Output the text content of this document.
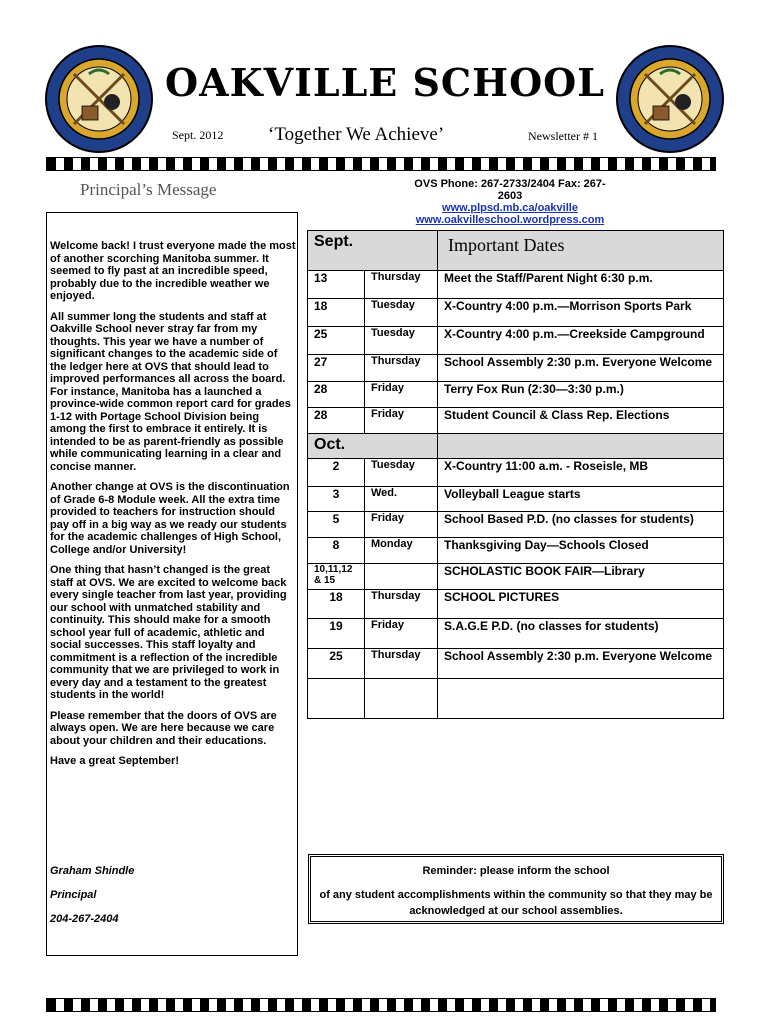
OAKVILLE SCHOOL
Sept. 2012 ‘Together We Achieve’	Newsletter # 1
Principal’s Message	OVS Phone: 267-2733/2404 Fax: 267-2603
www.plpsd.mb.ca/oakville
www.oakvilleschool.wordpress.com

Welcome back! I trust everyone made the most of another scorching Manitoba summer. It seemed to fly past at an incredible speed, probably due to the incredible weather we enjoyed.

All summer long the students and staff at Oakville School never stray far from my thoughts. This year we have a number of significant changes to the academic side of the ledger here at OVS that should lead to improved performances all across the board. For instance, Manitoba has a launched a province-wide common report card for grades 1-12 with Portage School Division being among the first to embrace it entirely. It is intended to be as parent-friendly as possible while communicating learning in a clear and concise manner.

Another change at OVS is the discontinuation of Grade 6-8 Module week. All the extra time provided to teachers for instruction should pay off in a big way as we ready our students for the academic challenges of High School, College and/or University!

One thing that hasn’t changed is the great staff at OVS. We are excited to welcome back every single teacher from last year, providing our school with unmatched stability and continuity. This should make for a smooth school year full of academic, athletic and social successes. This staff loyalty and commitment is a reflection of the incredible community that we are privileged to work in every day and a testament to the greatest students in the world!

Please remember that the doors of OVS are always open. We are here because we care about your children and their educations.

Have a great September!

Graham Shindle
Principal
204-267-2404
Sept.		Important Dates
13	Thursday	Meet the Staff/Parent Night 6:30 p.m.
18	Tuesday	X-Country 4:00 p.m.—Morrison Sports Park
25	Tuesday	X-Country 4:00 p.m.—Creekside Campground
27	Thursday	School Assembly 2:30 p.m. Everyone Welcome
28	Friday	Terry Fox Run (2:30—3:30 p.m.)
28	Friday	Student Council & Class Rep. Elections
Oct.		
2	Tuesday	X-Country 11:00 a.m. - Roseisle, MB
3	Wed.	Volleyball League starts
5	Friday	School Based P.D. (no classes for students)
8	Monday	Thanksgiving Day—Schools Closed
10,11,12 & 15		SCHOLASTIC BOOK FAIR—Library
18	Thursday	SCHOOL PICTURES
19	Friday	S.A.G.E P.D. (no classes for students)
25	Thursday	School Assembly 2:30 p.m. Everyone Welcome

Reminder: please inform the school
of any student accomplishments within the community so that they may be acknowledged at our school assemblies.
